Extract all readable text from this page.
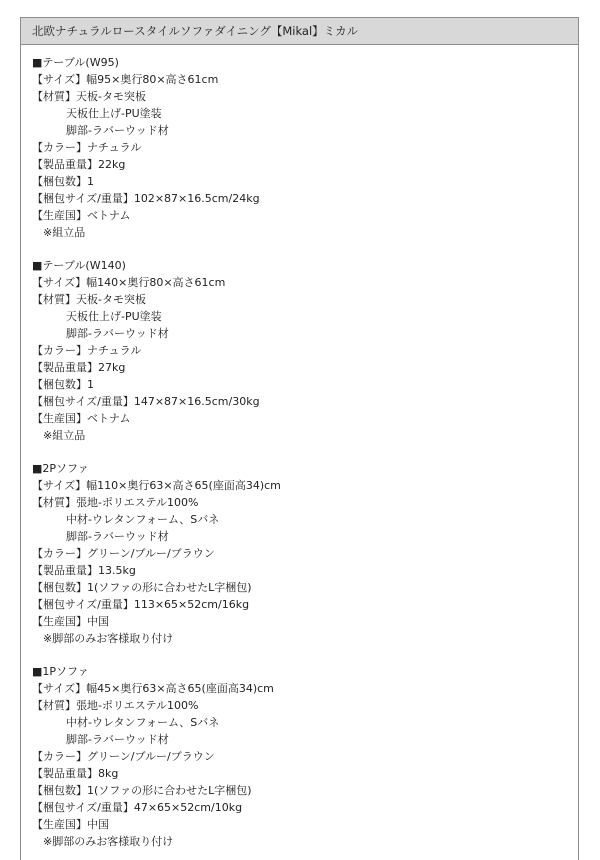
北欧ナチュラルロースタイルソファダイニング【Mikal】ミカル
■テーブル(W95)
【サイズ】幅95×奥行80×高さ61cm
【材質】天板-タモ突板
天板仕上げ-PU塗装
脚部-ラバーウッド材
【カラー】ナチュラル
【製品重量】22kg
【梱包数】1
【梱包サイズ/重量】102×87×16.5cm/24kg
【生産国】ベトナム
※組立品
■テーブル(W140)
【サイズ】幅140×奥行80×高さ61cm
【材質】天板-タモ突板
天板仕上げ-PU塗装
脚部-ラバーウッド材
【カラー】ナチュラル
【製品重量】27kg
【梱包数】1
【梱包サイズ/重量】147×87×16.5cm/30kg
【生産国】ベトナム
※組立品
■2Pソファ
【サイズ】幅110×奥行63×高さ65(座面高34)cm
【材質】張地-ポリエステル100%
中材-ウレタンフォーム、Sバネ
脚部-ラバーウッド材
【カラー】グリーン/ブルー/ブラウン
【製品重量】13.5kg
【梱包数】1(ソファの形に合わせたL字梱包)
【梱包サイズ/重量】113×65×52cm/16kg
【生産国】中国
※脚部のみお客様取り付け
■1Pソファ
【サイズ】幅45×奥行63×高さ65(座面高34)cm
【材質】張地-ポリエステル100%
中材-ウレタンフォーム、Sバネ
脚部-ラバーウッド材
【カラー】グリーン/ブルー/ブラウン
【製品重量】8kg
【梱包数】1(ソファの形に合わせたL字梱包)
【梱包サイズ/重量】47×65×52cm/10kg
【生産国】中国
※脚部のみお客様取り付け
